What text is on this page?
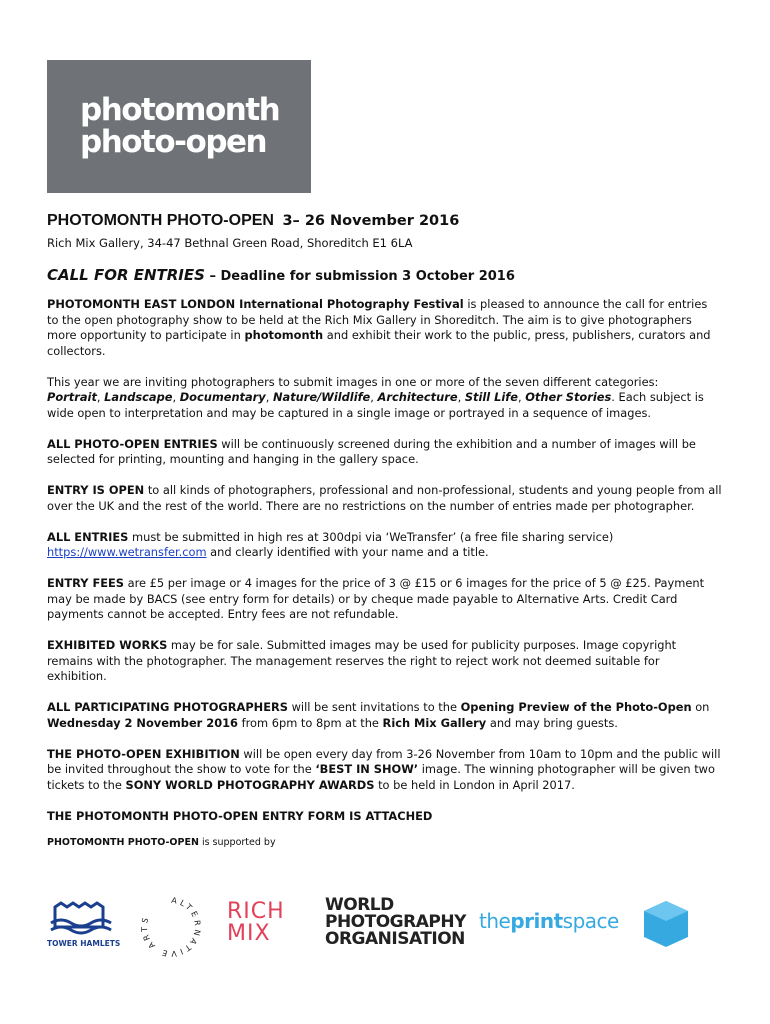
photomonth
photo-open
PHOTOMONTH PHOTO-OPEN 3– 26 November 2016
Rich Mix Gallery, 34-47 Bethnal Green Road, Shoreditch E1 6LA
CALL FOR ENTRIES – Deadline for submission 3 October 2016

PHOTOMONTH EAST LONDON International Photography Festival is pleased to announce the call for entries to the open photography show to be held at the Rich Mix Gallery in Shoreditch. The aim is to give photographers more opportunity to participate in photomonth and exhibit their work to the public, press, publishers, curators and collectors.

This year we are inviting photographers to submit images in one or more of the seven different categories:
Portrait, Landscape, Documentary, Nature/Wildlife, Architecture, Still Life, Other Stories. Each subject is wide open to interpretation and may be captured in a single image or portrayed in a sequence of images.

ALL PHOTO-OPEN ENTRIES will be continuously screened during the exhibition and a number of images will be selected for printing, mounting and hanging in the gallery space.

ENTRY IS OPEN to all kinds of photographers, professional and non-professional, students and young people from all over the UK and the rest of the world. There are no restrictions on the number of entries made per photographer.

ALL ENTRIES must be submitted in high res at 300dpi via ‘WeTransfer’ (a free file sharing service) https://www.wetransfer.com and clearly identified with your name and a title.

ENTRY FEES are £5 per image or 4 images for the price of 3 @ £15 or 6 images for the price of 5 @ £25. Payment may be made by BACS (see entry form for details) or by cheque made payable to Alternative Arts. Credit Card payments cannot be accepted. Entry fees are not refundable.

EXHIBITED WORKS may be for sale. Submitted images may be used for publicity purposes. Image copyright remains with the photographer. The management reserves the right to reject work not deemed suitable for exhibition.

ALL PARTICIPATING PHOTOGRAPHERS will be sent invitations to the Opening Preview of the Photo-Open on Wednesday 2 November 2016 from 6pm to 8pm at the Rich Mix Gallery and may bring guests.

THE PHOTO-OPEN EXHIBITION will be open every day from 3-26 November from 10am to 10pm and the public will be invited throughout the show to vote for the ‘BEST IN SHOW’ image. The winning photographer will be given two tickets to the SONY WORLD PHOTOGRAPHY AWARDS to be held in London in April 2017.

THE PHOTOMONTH PHOTO-OPEN ENTRY FORM IS ATTACHED
PHOTOMONTH PHOTO-OPEN is supported by
TOWER HAMLETS
ALTERNATIVE ARTS	RICH
MIX
WORLD
PHOTOGRAPHY
ORGANISATION
theprintspace
